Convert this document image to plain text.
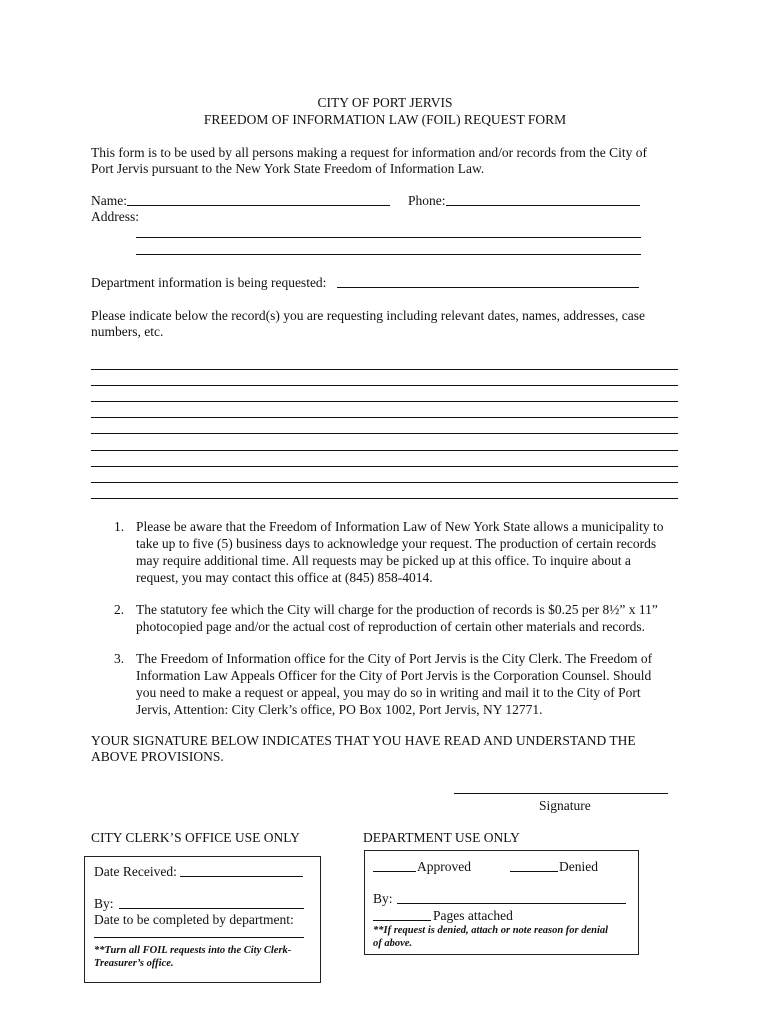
CITY OF PORT JERVIS
FREEDOM OF INFORMATION LAW (FOIL) REQUEST FORM
This form is to be used by all persons making a request for information and/or records from the City of
Port Jervis pursuant to the New York State Freedom of Information Law.
Name:	Phone:
Address:
Department information is being requested:
Please indicate below the record(s) you are requesting including relevant dates, names, addresses, case
numbers, etc.
1. Please be aware that the Freedom of Information Law of New York State allows a municipality to
take up to five (5) business days to acknowledge your request. The production of certain records
may require additional time. All requests may be picked up at this office. To inquire about a
request, you may contact this office at (845) 858-4014.
2. The statutory fee which the City will charge for the production of records is $0.25 per 8½” x 11”
photocopied page and/or the actual cost of reproduction of certain other materials and records.
3. The Freedom of Information office for the City of Port Jervis is the City Clerk. The Freedom of
Information Law Appeals Officer for the City of Port Jervis is the Corporation Counsel. Should
you need to make a request or appeal, you may do so in writing and mail it to the City of Port
Jervis, Attention: City Clerk’s office, PO Box 1002, Port Jervis, NY 12771.
YOUR SIGNATURE BELOW INDICATES THAT YOU HAVE READ AND UNDERSTAND THE
ABOVE PROVISIONS.
Signature
CITY CLERK’S OFFICE USE ONLY	DEPARTMENT USE ONLY
Date Received:
By:
Date to be completed by department:
**Turn all FOIL requests into the City Clerk-
Treasurer’s office.
Approved	Denied
By:
Pages attached
**If request is denied, attach or note reason for denial
of above.
